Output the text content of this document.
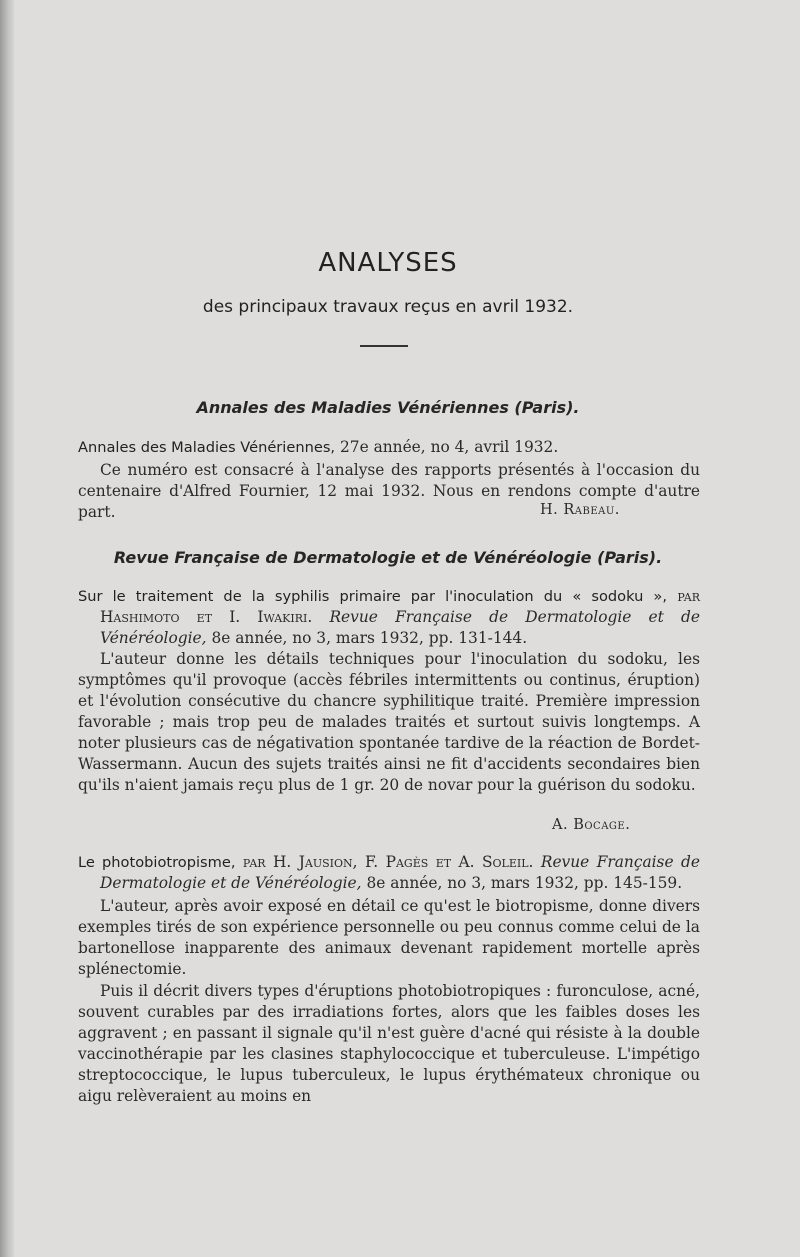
ANALYSES
des principaux travaux reçus en avril 1932.
Annales des Maladies Vénériennes (Paris).
Annales des Maladies Vénériennes, 27e année, no 4, avril 1932.
Ce numéro est consacré à l'analyse des rapports présentés à l'occasion du centenaire d'Alfred Fournier, 12 mai 1932. Nous en rendons compte d'autre part.	H. Rabeau.
Revue Française de Dermatologie et de Vénéréologie (Paris).
Sur le traitement de la syphilis primaire par l'inoculation du « sodoku », par Hashimoto et I. Iwakiri. Revue Française de Dermatologie et de Vénéréologie, 8e année, no 3, mars 1932, pp. 131-144.
L'auteur donne les détails techniques pour l'inoculation du sodoku, les symptômes qu'il provoque (accès fébriles intermittents ou continus, éruption) et l'évolution consécutive du chancre syphilitique traité. Première impression favorable ; mais trop peu de malades traités et surtout suivis longtemps. A noter plusieurs cas de négativation spontanée tardive de la réaction de Bordet-Wassermann. Aucun des sujets traités ainsi ne fit d'accidents secondaires bien qu'ils n'aient jamais reçu plus de 1 gr. 20 de novar pour la guérison du sodoku.
A. Bocage.
Le photobiotropisme, par H. Jausion, F. Pagès et A. Soleil. Revue Française de Dermatologie et de Vénéréologie, 8e année, no 3, mars 1932, pp. 145-159.
L'auteur, après avoir exposé en détail ce qu'est le biotropisme, donne divers exemples tirés de son expérience personnelle ou peu connus comme celui de la bartonellose inapparente des animaux devenant rapidement mortelle après splénectomie.
Puis il décrit divers types d'éruptions photobiotropiques : furonculose, acné, souvent curables par des irradiations fortes, alors que les faibles doses les aggravent ; en passant il signale qu'il n'est guère d'acné qui résiste à la double vaccinothérapie par les clasines staphylococcique et tuberculeuse. L'impétigo streptococcique, le lupus tuberculeux, le lupus érythémateux chronique ou aigu relèveraient au moins en
